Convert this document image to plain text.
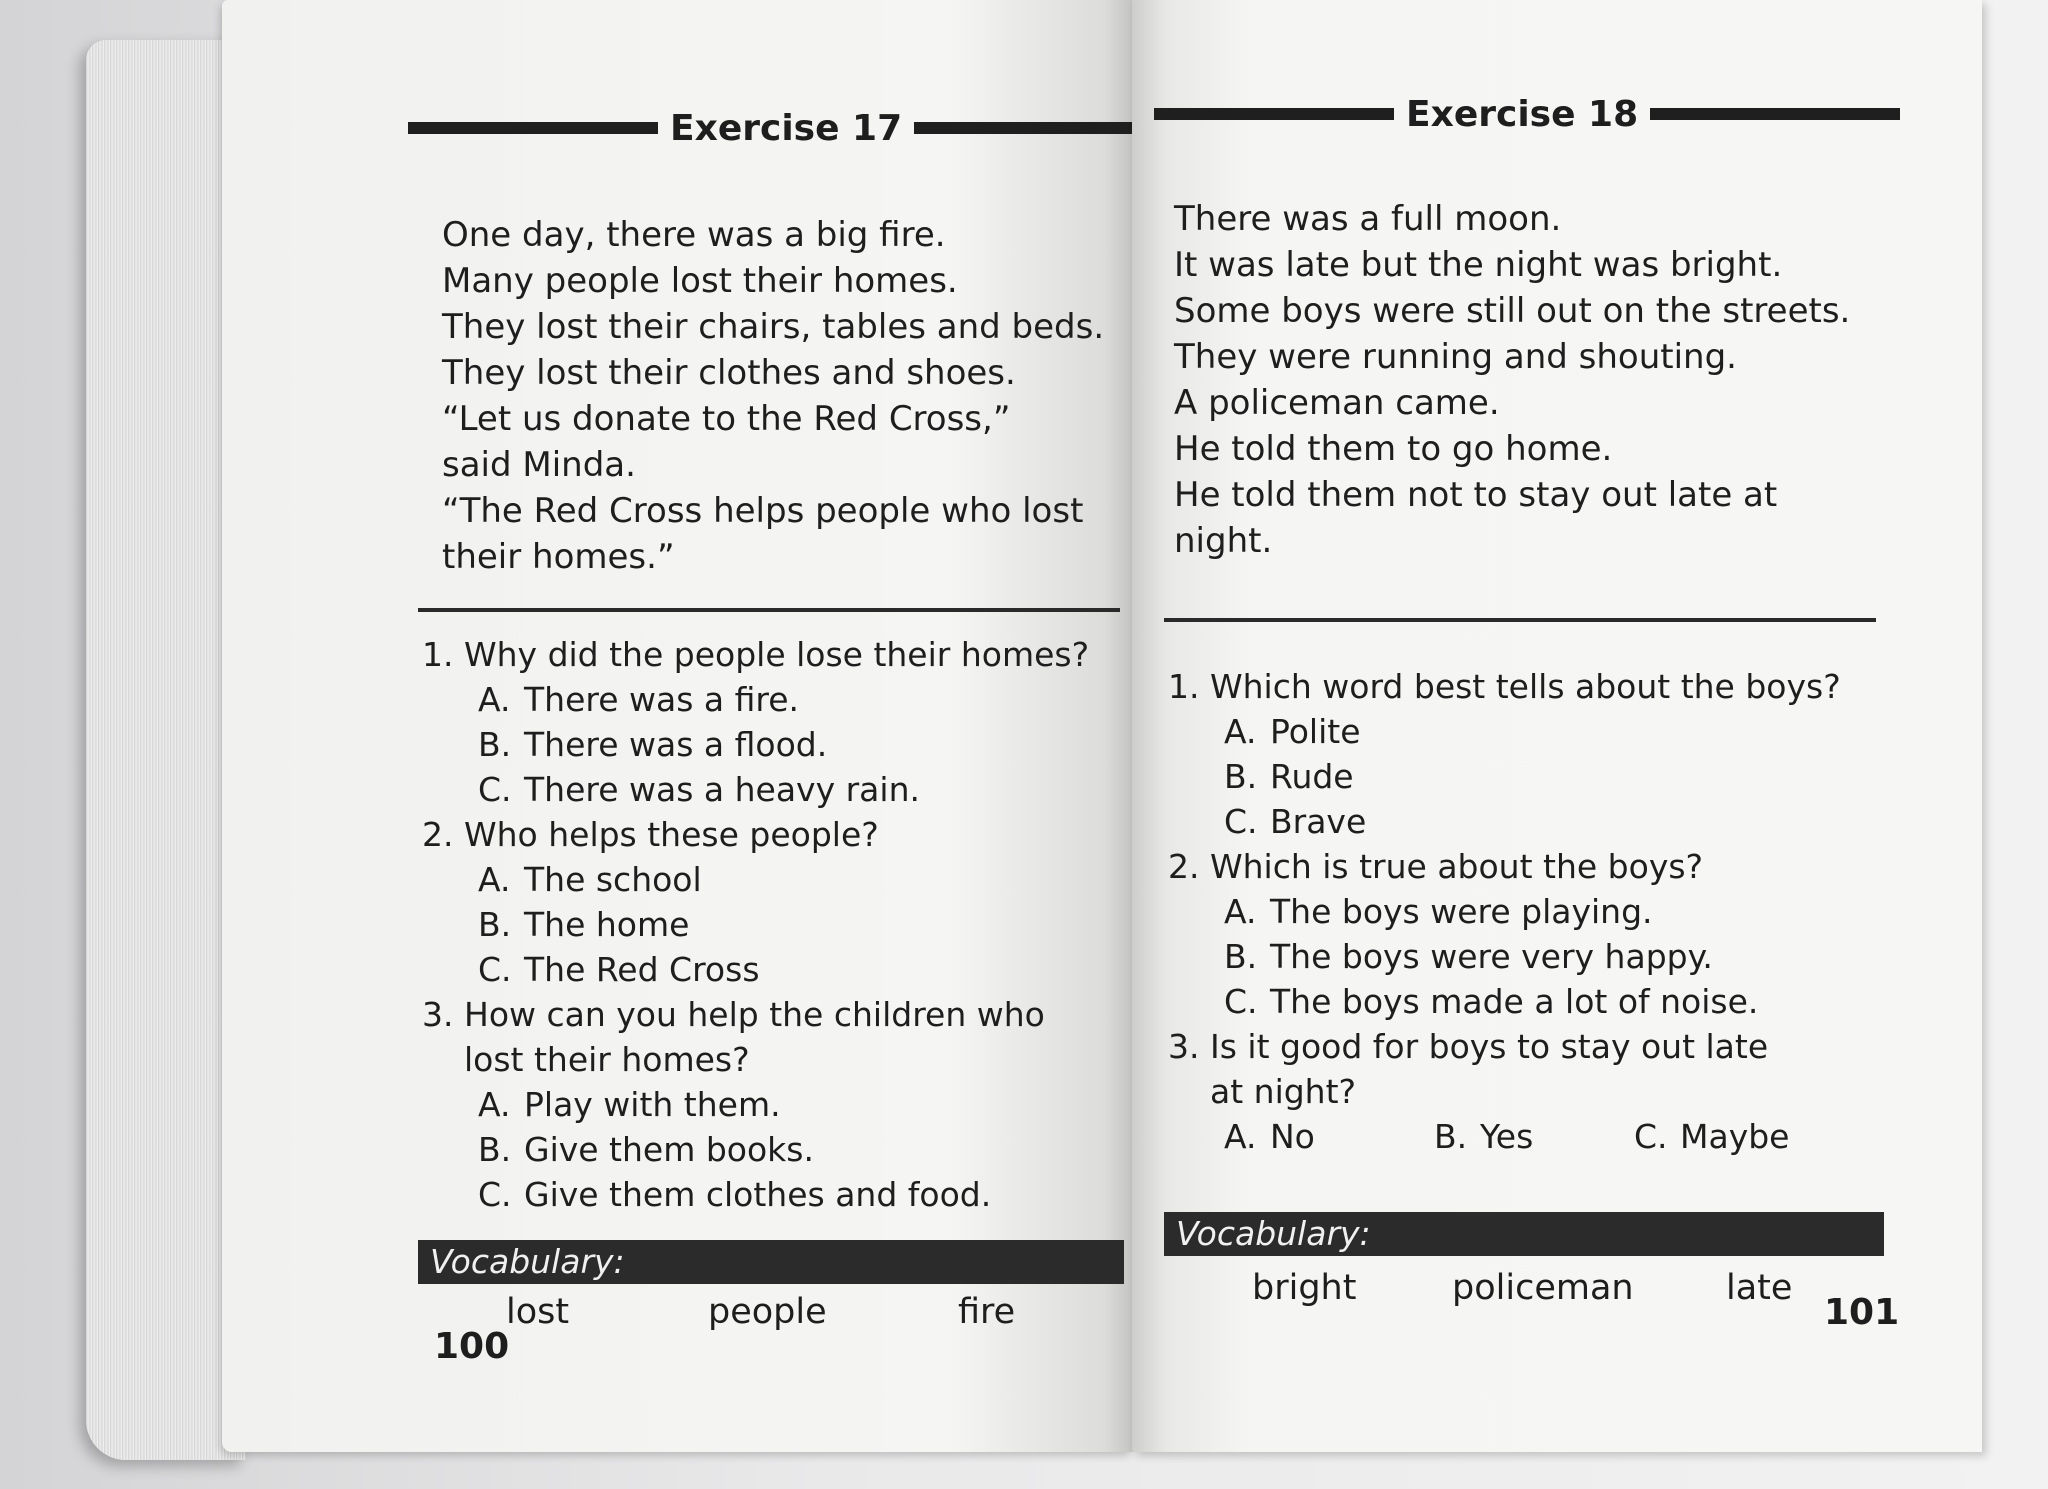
Exercise 17
One day, there was a big fire.
Many people lost their homes.
They lost their chairs, tables and beds.
They lost their clothes and shoes.
“Let us donate to the Red Cross,”
said Minda.
“The Red Cross helps people who lost
their homes.”
1. Why did the people lose their homes?
A. There was a fire.
B. There was a flood.
C. There was a heavy rain.
2. Who helps these people?
A. The school
B. The home
C. The Red Cross
3. How can you help the children who lost their homes?
A. Play with them.
B. Give them books.
C. Give them clothes and food.
Vocabulary:
lost	people	fire
100
Exercise 18
There was a full moon.
It was late but the night was bright.
Some boys were still out on the streets.
They were running and shouting.
A policeman came.
He told them to go home.
He told them not to stay out late at
night.
1. Which word best tells about the boys?
A. Polite
B. Rude
C. Brave
2. Which is true about the boys?
A. The boys were playing.
B. The boys were very happy.
C. The boys made a lot of noise.
3. Is it good for boys to stay out late at night?
A. No	B. Yes	C. Maybe
Vocabulary:
bright	policeman	late
101
